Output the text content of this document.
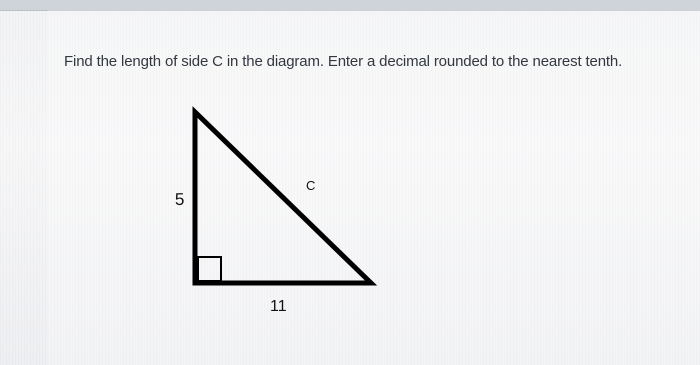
Find the length of side C in the diagram. Enter a decimal rounded to the nearest tenth.
5
C
11
